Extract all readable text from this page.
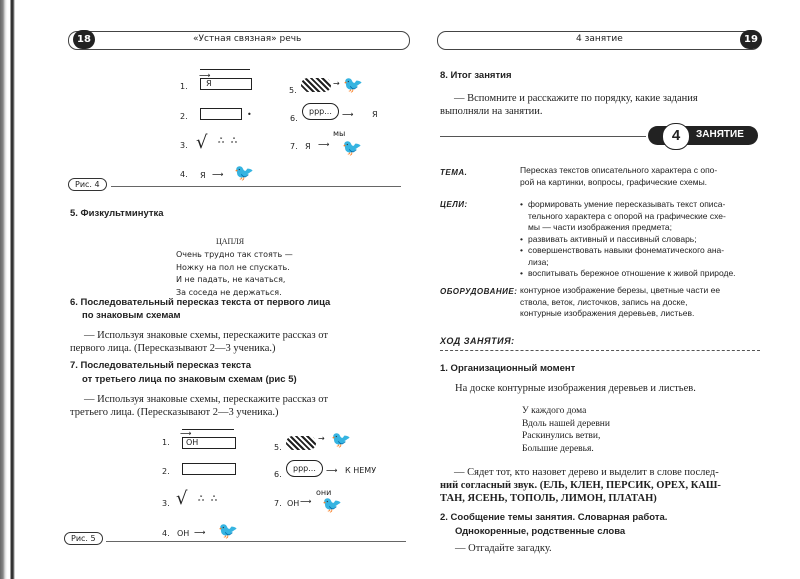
18	«Устная связная» речь
1.
⟶
Я
2.	•
3. √ ஃ ஃ
4. Я ⟶ 🐦
5.
→ 🐦
6.
ррр...	⟶ Я
7. Я ⟶
мы
🐦
Рис. 4
5. Физкультминутка
ЦАПЛЯ
Очень трудно так стоять —
Ножку на пол не спускать.
И не падать, не качаться,
За соседа не держаться.
6. Последовательный пересказ текста от первого лица
по знаковым схемам
— Используя знаковые схемы, перескажите рассказ от
первого лица. (Пересказывают 2—3 ученика.)
7. Последовательный пересказ текста
от третьего лица по знаковым схемам (рис 5)
— Используя знаковые схемы, перескажите рассказ от
третьего лица. (Пересказывают 2—3 ученика.)
1.
⟶
ОН
2.
3. √ ஃ ஃ
4. ОН ⟶ 🐦
5.
→ 🐦
6.
ррр...	⟶ К НЕМУ
7. ОН ⟶
они
🐦
Рис. 5
4 занятие	19
8. Итог занятия
— Вспомните и расскажите по порядку, какие задания
выполняли на занятии.
4	ЗАНЯТИЕ
ТЕМА.	Пересказ текстов описательного характера с опо-
рой на картинки, вопросы, графические схемы.
ЦЕЛИ:
•	формировать умение пересказывать текст описа-
тельного характера с опорой на графические схе-
мы — части изображения предмета;
• развивать активный и пассивный словарь;
• совершенствовать навыки фонематического ана-
лиза;
• воспитывать бережное отношение к живой природе.
ОБОРУДОВАНИЕ: контурное изображение березы, цветные части ее
ствола, веток, листочков, запись на доске,
контурные изображения деревьев, листьев.
ХОД ЗАНЯТИЯ:
1. Организационный момент
На доске контурные изображения деревьев и листьев.
У каждого дома
Вдоль нашей деревни
Раскинулись ветви,
Большие деревья.
— Сядет тот, кто назовет дерево и выделит в слове послед-
ний согласный звук. (ЕЛЬ, КЛЕН, ПЕРСИК, ОРЕХ, КАШ-
ТАН, ЯСЕНЬ, ТОПОЛЬ, ЛИМОН, ПЛАТАН)
2. Сообщение темы занятия. Словарная работа.
Однокоренные, родственные слова
— Отгадайте загадку.
